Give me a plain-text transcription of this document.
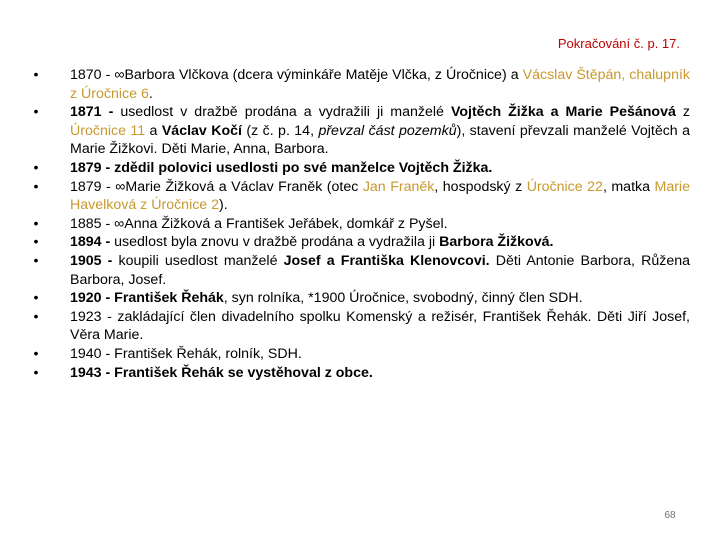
Pokračování č. p. 17.
• 1870 - ∞Barbora Vlčkova (dcera výminkáře Matěje Vlčka, z Úročnice) a Vácslav Štěpán, chalupník z Úročnice 6.
• 1871 - usedlost v dražbě prodána a vydražili ji manželé Vojtěch Žižka a Marie Pešánová z Úročnice 11 a Václav Kočí (z č. p. 14, převzal část pozemků), stavení převzali manželé Vojtěch a Marie Žižkovi. Děti Marie, Anna, Barbora.
• 1879 - zdědil polovici usedlosti po své manželce Vojtěch Žižka.
• 1879 - ∞Marie Žižková a Václav Franěk (otec Jan Franěk, hospodský z Úročnice 22, matka Marie Havelková z Úročnice 2).
• 1885 - ∞Anna Žižková a František Jeřábek, domkář z Pyšel.
• 1894 - usedlost byla znovu v dražbě prodána a vydražila ji Barbora Žižková.
• 1905 - koupili usedlost manželé Josef a Františka Klenovcovi. Děti Antonie Barbora, Růžena Barbora, Josef.
• 1920 - František Řehák, syn rolníka, *1900 Úročnice, svobodný, činný člen SDH.
• 1923 - zakládající člen divadelního spolku Komenský a režisér, František Řehák. Děti Jiří Josef, Věra Marie.
• 1940 - František Řehák, rolník, SDH.
• 1943 - František Řehák se vystěhoval z obce.
68
